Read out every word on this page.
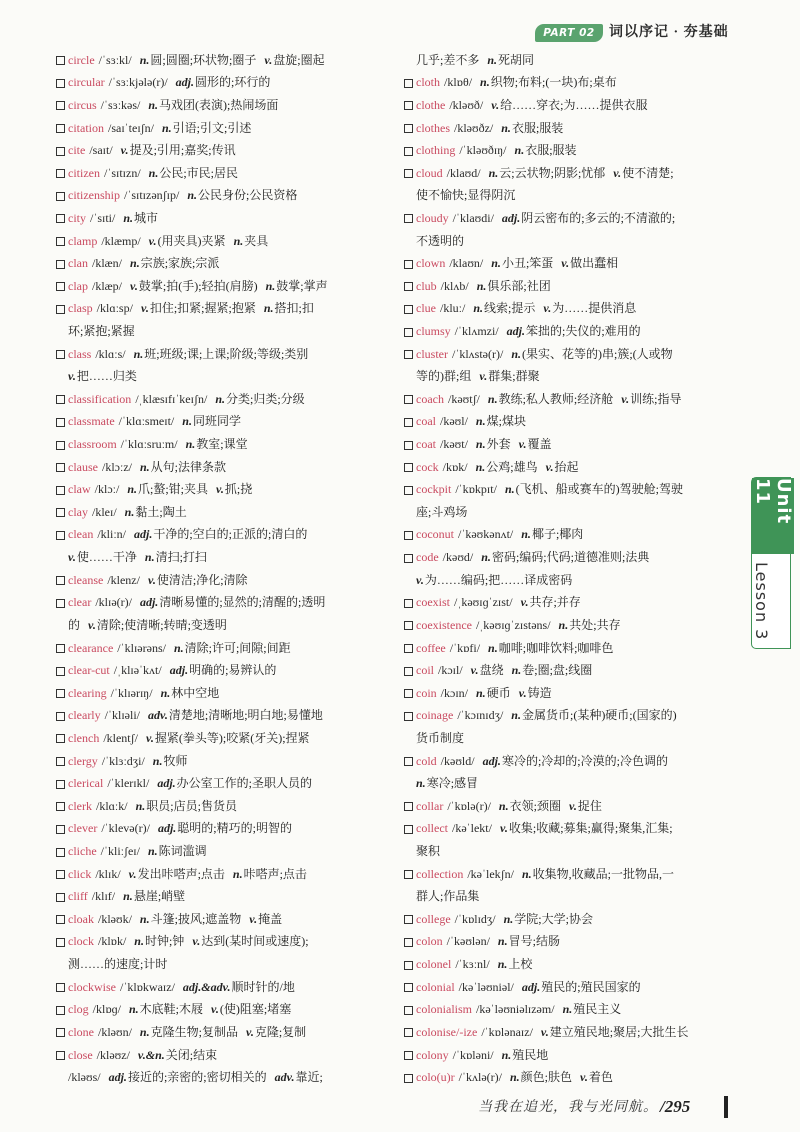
PART 02	词以序记 · 夯基础
circle /ˈsɜːkl/ n.圆;圆圈;环状物;圈子 v.盘旋;圈起
circular /ˈsɜːkjələ(r)/ adj.圆形的;环行的
circus /ˈsɜːkəs/ n.马戏团(表演);热闹场面
citation /saɪˈteɪʃn/ n.引语;引文;引述
cite /saɪt/ v.提及;引用;嘉奖;传讯
citizen /ˈsɪtɪzn/ n.公民;市民;居民
citizenship /ˈsɪtɪzənʃɪp/ n.公民身份;公民资格
city /ˈsɪti/ n.城市
clamp /klæmp/ v.(用夹具)夹紧 n.夹具
clan /klæn/ n.宗族;家族;宗派
clap /klæp/ v.鼓掌;拍(手);轻拍(肩膀) n.鼓掌;掌声
clasp /klɑːsp/ v.扣住;扣紧;握紧;抱紧 n.搭扣;扣
环;紧抱;紧握
class /klɑːs/ n.班;班级;课;上课;阶级;等级;类别
v.把……归类
classification /ˌklæsɪfɪˈkeɪʃn/ n.分类;归类;分级
classmate /ˈklɑːsmeɪt/ n.同班同学
classroom /ˈklɑːsruːm/ n.教室;课堂
clause /klɔːz/ n.从句;法律条款
claw /klɔː/ n.爪;螯;钳;夹具 v.抓;挠
clay /kleɪ/ n.黏土;陶土
clean /kliːn/ adj.干净的;空白的;正派的;清白的
v.使……干净 n.清扫;打扫
cleanse /klenz/ v.使清洁;净化;清除
clear /klɪə(r)/ adj.清晰易懂的;显然的;清醒的;透明
的 v.清除;使清晰;转晴;变透明
clearance /ˈklɪərəns/ n.清除;许可;间隙;间距
clear-cut /ˌklɪəˈkʌt/ adj.明确的;易辨认的
clearing /ˈklɪərɪŋ/ n.林中空地
clearly /ˈklɪəli/ adv.清楚地;清晰地;明白地;易懂地
clench /klentʃ/ v.握紧(拳头等);咬紧(牙关);捏紧
clergy /ˈklɜːdʒi/ n.牧师
clerical /ˈklerɪkl/ adj.办公室工作的;圣职人员的
clerk /klɑːk/ n.职员;店员;售货员
clever /ˈklevə(r)/ adj.聪明的;精巧的;明智的
cliche /ˈkliːʃeɪ/ n.陈词滥调
click /klɪk/ v.发出咔嗒声;点击 n.咔嗒声;点击
cliff /klɪf/ n.悬崖;峭壁
cloak /kləʊk/ n.斗篷;披风;遮盖物 v.掩盖
clock /klɒk/ n.时钟;钟 v.达到(某时间或速度);
测……的速度;计时
clockwise /ˈklɒkwaɪz/ adj.&adv.顺时针的/地
clog /klɒɡ/ n.木底鞋;木屐 v.(使)阻塞;堵塞
clone /kləʊn/ n.克隆生物;复制品 v.克隆;复制
close /kləʊz/ v.&n.关闭;结束
/kləʊs/ adj.接近的;亲密的;密切相关的 adv.靠近;
几乎;差不多 n.死胡同
cloth /klɒθ/ n.织物;布料;(一块)布;桌布
clothe /kləʊð/ v.给……穿衣;为……提供衣服
clothes /kləʊðz/ n.衣服;服装
clothing /ˈkləʊðɪŋ/ n.衣服;服装
cloud /klaʊd/ n.云;云状物;阴影;忧郁 v.使不清楚;
使不愉快;显得阴沉
cloudy /ˈklaʊdi/ adj.阴云密布的;多云的;不清澈的;
不透明的
clown /klaʊn/ n.小丑;笨蛋 v.做出蠢相
club /klʌb/ n.俱乐部;社团
clue /kluː/ n.线索;提示 v.为……提供消息
clumsy /ˈklʌmzi/ adj.笨拙的;失仪的;难用的
cluster /ˈklʌstə(r)/ n.(果实、花等的)串;簇;(人或物
等的)群;组 v.群集;群聚
coach /kəʊtʃ/ n.教练;私人教师;经济舱 v.训练;指导
coal /kəʊl/ n.煤;煤块
coat /kəʊt/ n.外套 v.覆盖
cock /kɒk/ n.公鸡;雄鸟 v.抬起
cockpit /ˈkɒkpɪt/ n.(飞机、船或赛车的)驾驶舱;驾驶
座;斗鸡场
coconut /ˈkəʊkənʌt/ n.椰子;椰肉
code /kəʊd/ n.密码;编码;代码;道德准则;法典
v.为……编码;把……译成密码
coexist /ˌkəʊɪɡˈzɪst/ v.共存;并存
coexistence /ˌkəʊɪɡˈzɪstəns/ n.共处;共存
coffee /ˈkɒfi/ n.咖啡;咖啡饮料;咖啡色
coil /kɔɪl/ v.盘绕 n.卷;圈;盘;线圈
coin /kɔɪn/ n.硬币 v.铸造
coinage /ˈkɔɪnɪdʒ/ n.金属货币;(某种)硬币;(国家的)
货币制度
cold /kəʊld/ adj.寒冷的;冷却的;冷漠的;冷色调的
n.寒冷;感冒
collar /ˈkɒlə(r)/ n.衣领;颈圈 v.捉住
collect /kəˈlekt/ v.收集;收藏;募集;赢得;聚集,汇集;
聚积
collection /kəˈlekʃn/ n.收集物,收藏品;一批物品,一
群人;作品集
college /ˈkɒlɪdʒ/ n.学院;大学;协会
colon /ˈkəʊlən/ n.冒号;结肠
colonel /ˈkɜːnl/ n.上校
colonial /kəˈləʊniəl/ adj.殖民的;殖民国家的
colonialism /kəˈləʊniəlɪzəm/ n.殖民主义
colonise/-ize /ˈkɒlənaɪz/ v.建立殖民地;聚居;大批生长
colony /ˈkɒləni/ n.殖民地
colo(u)r /ˈkʌlə(r)/ n.颜色;肤色 v.着色
Unit 11
Lesson 3
当我在追光，我与光同航。 /295
